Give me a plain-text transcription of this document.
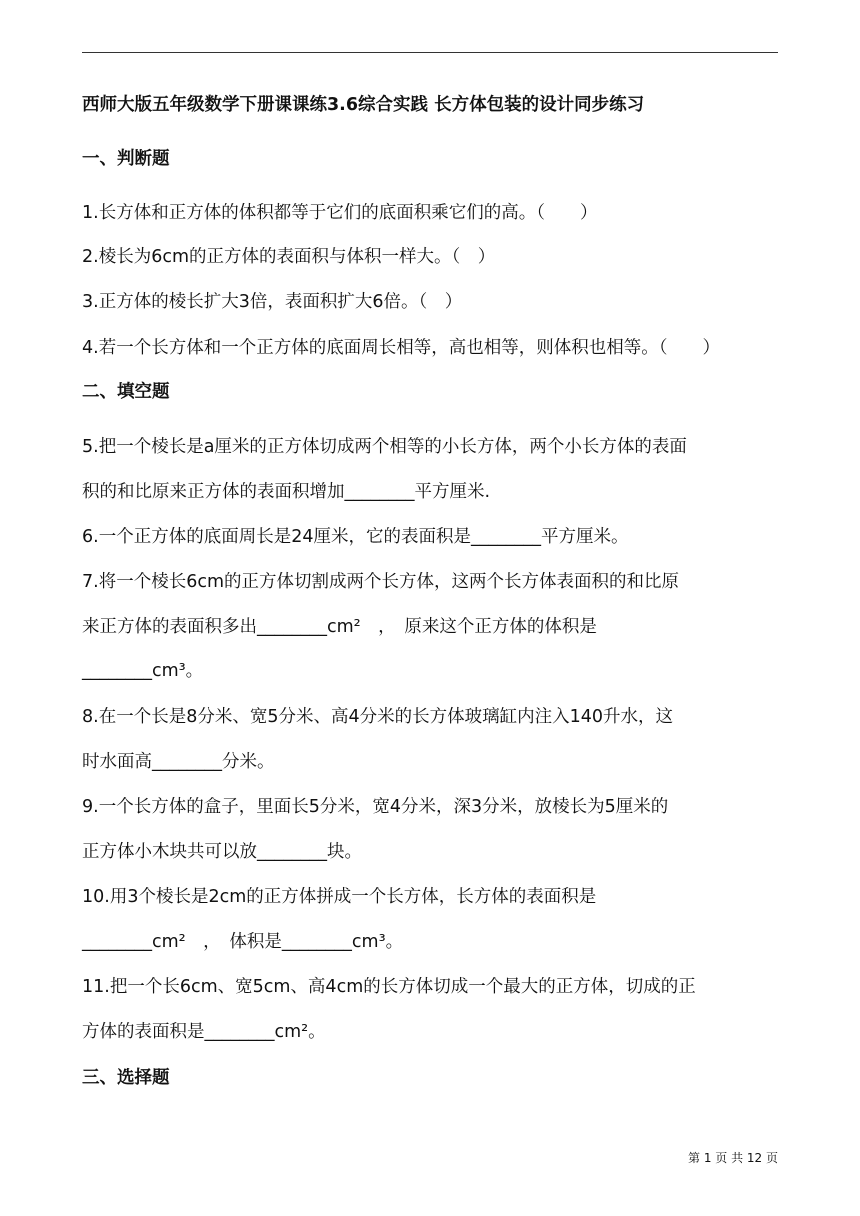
西师大版五年级数学下册课课练3.6综合实践 长方体包装的设计同步练习
一、判断题
1.长方体和正方体的体积都等于它们的底面积乘它们的高。（　　）
2.棱长为6cm的正方体的表面积与体积一样大。（　）
3.正方体的棱长扩大3倍，表面积扩大6倍。（　）
4.若一个长方体和一个正方体的底面周长相等，高也相等，则体积也相等。（　　）
二、填空题
5.把一个棱长是a厘米的正方体切成两个相等的小长方体，两个小长方体的表面
积的和比原来正方体的表面积增加________平方厘米.
6.一个正方体的底面周长是24厘米，它的表面积是________平方厘米。
7.将一个棱长6cm的正方体切割成两个长方体，这两个长方体表面积的和比原
来正方体的表面积多出________cm²　，　原来这个正方体的体积是
________cm³。
8.在一个长是8分米、宽5分米、高4分米的长方体玻璃缸内注入140升水，这
时水面高________分米。
9.一个长方体的盒子，里面长5分米，宽4分米，深3分米，放棱长为5厘米的
正方体小木块共可以放________块。
10.用3个棱长是2cm的正方体拼成一个长方体，长方体的表面积是
________cm²　，　体积是________cm³。
11.把一个长6cm、宽5cm、高4cm的长方体切成一个最大的正方体，切成的正
方体的表面积是________cm²。
三、选择题
第 1 页 共 12 页
